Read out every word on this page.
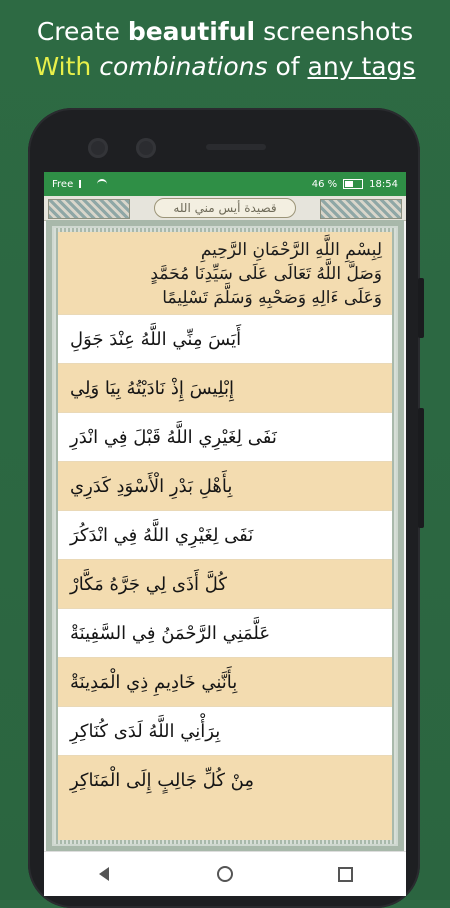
Create beautiful screenshots
With combinations of any tags
Free	46 %	18:54
قصيدة أيس مني الله
لِبِسْمِ اللَّهِ الرَّحْمَانِ الرَّحِيمِ
وَصَلَّ اللَّهُ تَعَالَى عَلَى سَيِّدِنَا مُحَمَّدٍ
وَعَلَى ءَالِهِ وَصَحْبِهِ وَسَلَّمَ تَسْلِيمًا
أَيَسَ مِنِّي اللَّهُ عِنْدَ جَوَلِ
إِبْلِيسَ إِذْ نَادَيْتُهُ بِيَا وَلِي
نَفَى لِغَيْرِي اللَّهُ قَبْلَ فِي انْدَرِ
بِأَهْلِ بَدْرِ الْأَسْوَدِ كَدَرِي
نَفَى لِغَيْرِي اللَّهُ فِي انْدَكُرَ
كُلَّ أَذَى لِي جَرَّهُ مَكَّارْ
عَلَّمَنِي الرَّحْمَنُ فِي السَّفِينَةْ
بِأَنَّنِي خَادِيمِ ذِي الْمَدِينَةْ
بِرَأْنِي اللَّهُ لَدَى كُنَاكِرِ
مِنْ كُلِّ جَالِبٍ إِلَى الْمَنَاكِرِ
